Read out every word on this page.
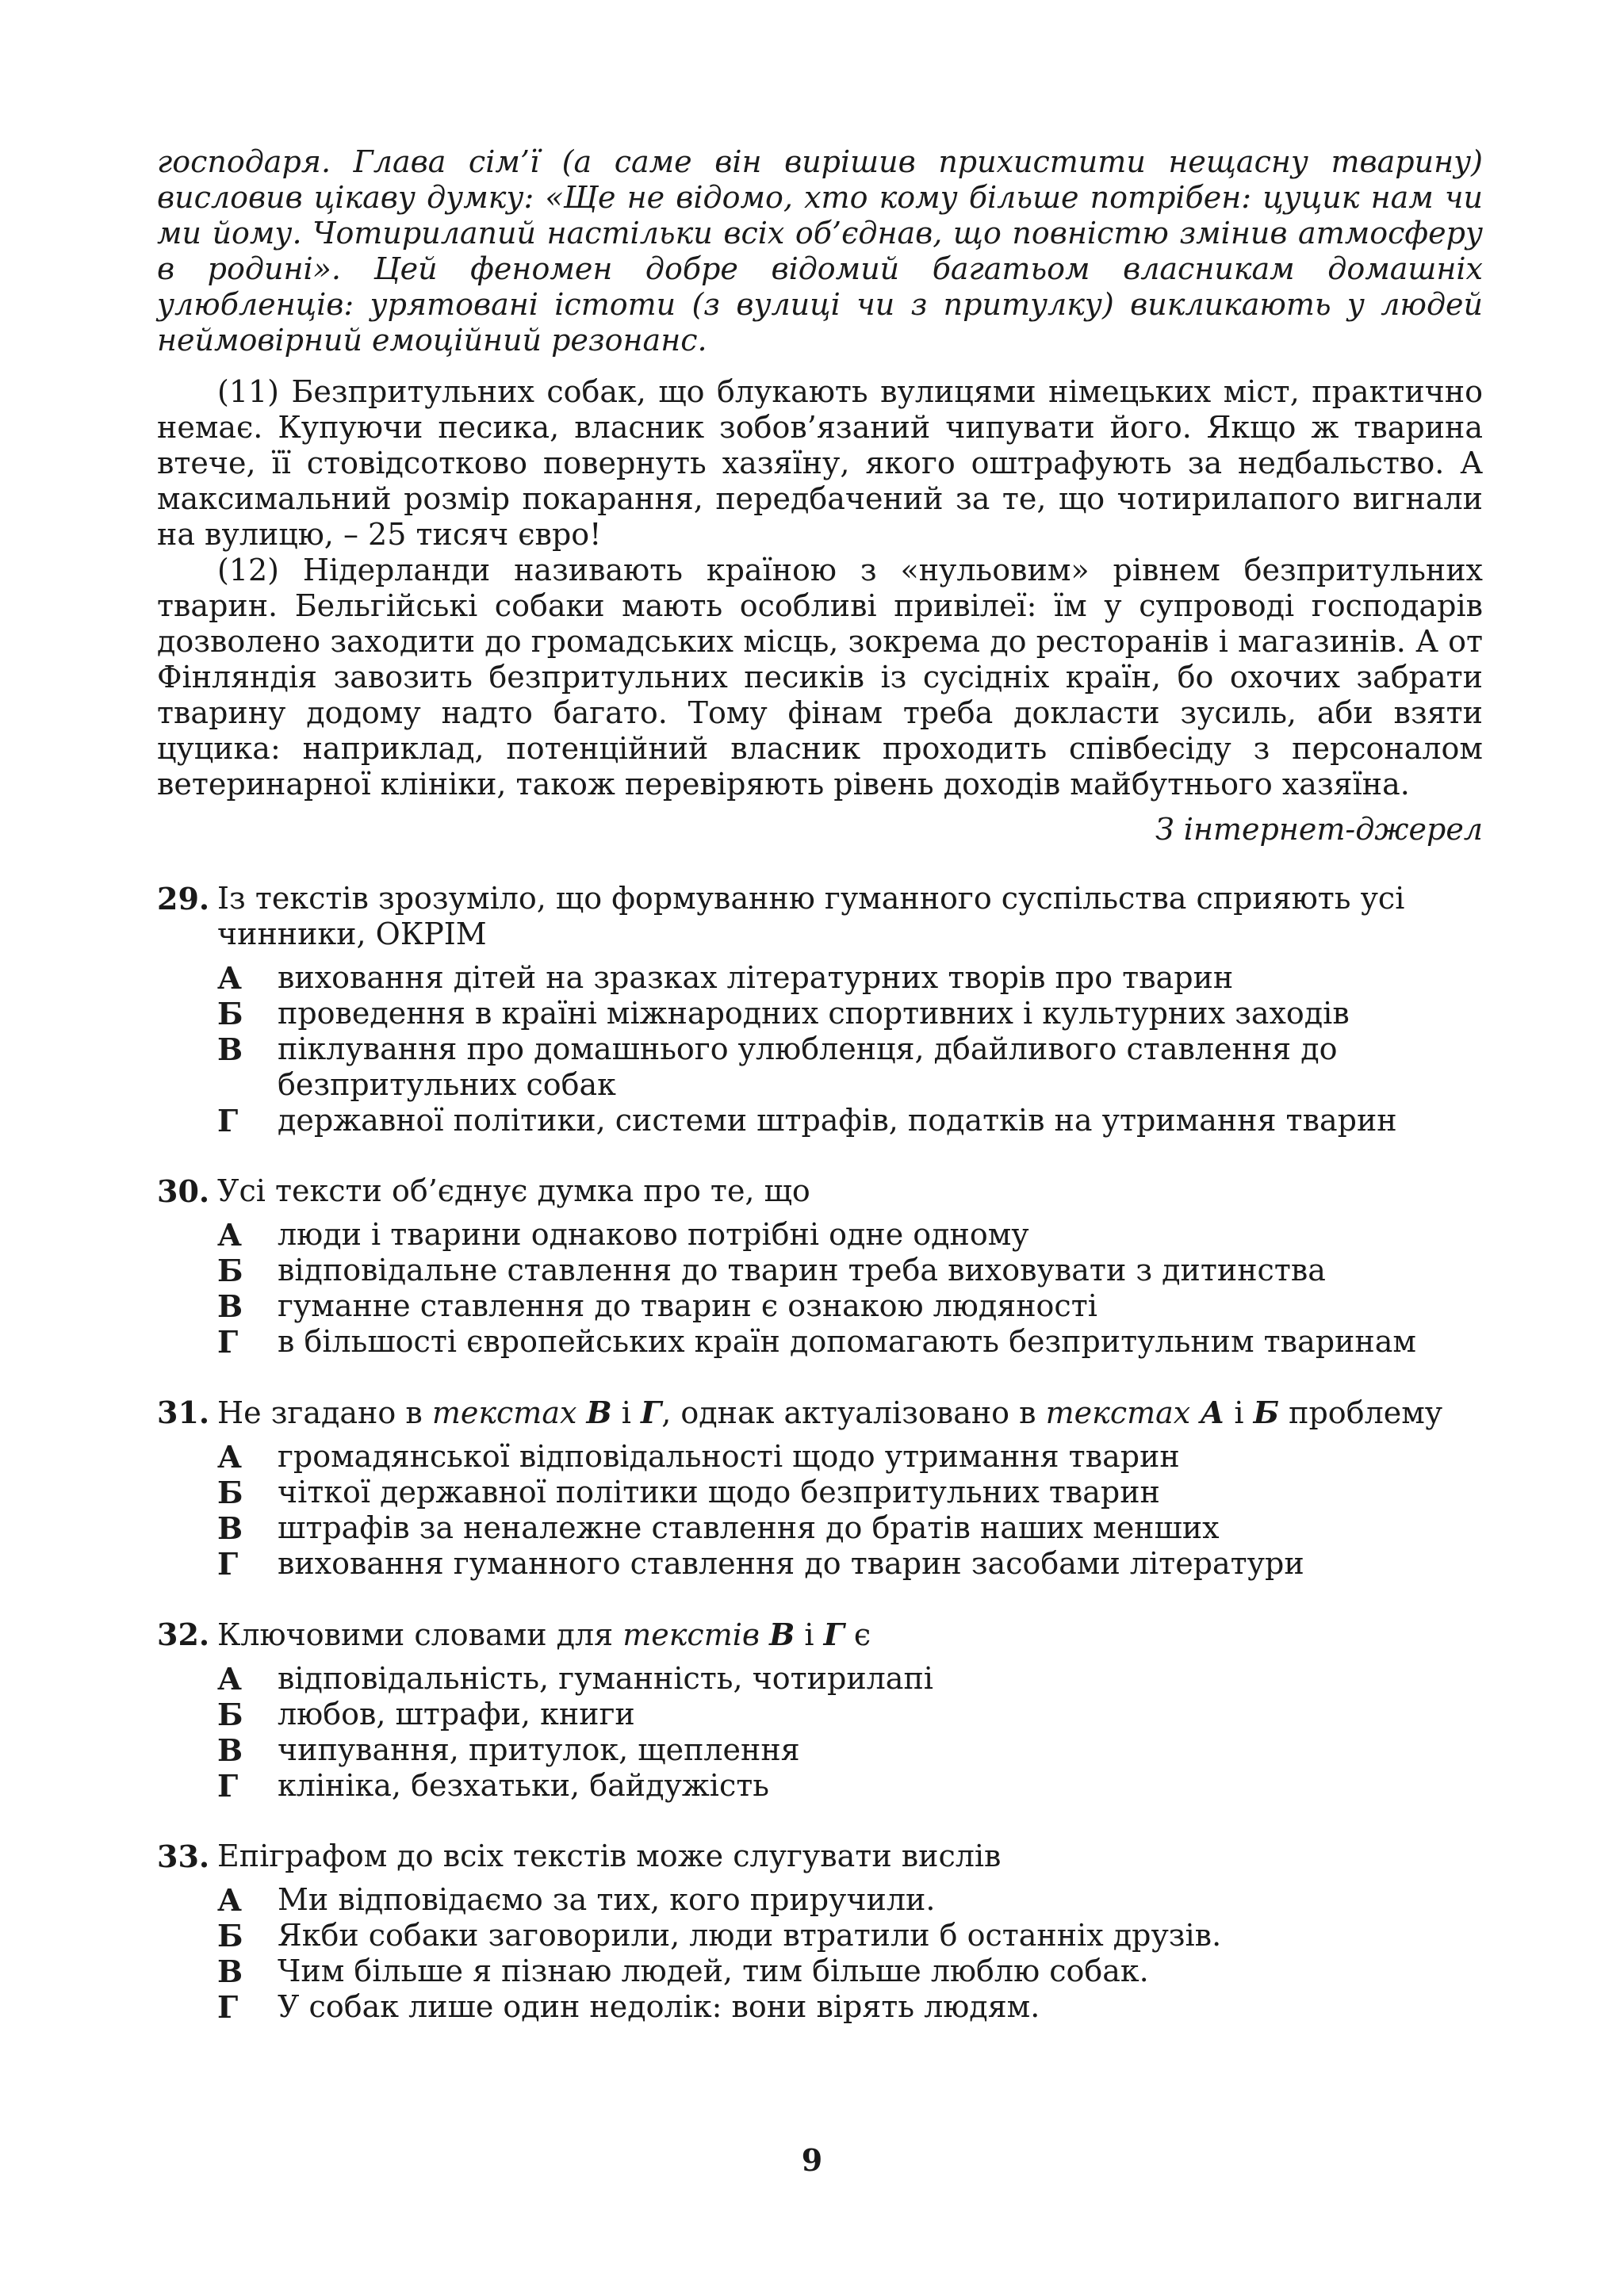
господаря. Глава сім’ї (а саме він вирішив прихистити нещасну тварину) висловив цікаву думку: «Ще не відомо, хто кому більше потрібен: цуцик нам чи ми йому. Чотирилапий настільки всіх об’єднав, що повністю змінив атмосферу в родині». Цей феномен добре відомий багатьом власникам домашніх улюбленців: урятовані істоти (з вулиці чи з притулку) викликають у людей неймовірний емоційний резонанс.

(11) Безпритульних собак, що блукають вулицями німецьких міст, практично немає. Купуючи песика, власник зобов’язаний чипувати його. Якщо ж тварина втече, її стовідсотково повернуть хазяїну, якого оштрафують за недбальство. А максимальний розмір покарання, передбачений за те, що чотирилапого вигнали на вулицю, – 25 тисяч євро!

(12) Нідерланди називають країною з «нульовим» рівнем безпритульних тварин. Бельгійські собаки мають особливі привілеї: їм у супроводі господарів дозволено заходити до громадських місць, зокрема до ресторанів і магазинів. А от Фінляндія завозить безпритульних песиків із сусідніх країн, бо охочих забрати тварину додому надто багато. Тому фінам треба докласти зусиль, аби взяти цуцика: наприклад, потенційний власник проходить співбесіду з персоналом ветеринарної клініки, також перевіряють рівень доходів майбутнього хазяїна.

З інтернет-джерел
29. Із текстів зрозуміло, що формуванню гуманного суспільства сприяють усі чинники, ОКРІМ
А	виховання дітей на зразках літературних творів про тварин
Б	проведення в країні міжнародних спортивних і культурних заходів
В	піклування про домашнього улюбленця, дбайливого ставлення до безпритульних собак
Г	державної політики, системи штрафів, податків на утримання тварин
30. Усі тексти об’єднує думка про те, що
А	люди і тварини однаково потрібні одне одному
Б	відповідальне ставлення до тварин треба виховувати з дитинства
В	гуманне ставлення до тварин є ознакою людяності
Г	в більшості європейських країн допомагають безпритульним тваринам
31. Не згадано в текстах В і Г, однак актуалізовано в текстах А і Б проблему
А	громадянської відповідальності щодо утримання тварин
Б	чіткої державної політики щодо безпритульних тварин
В	штрафів за неналежне ставлення до братів наших менших
Г	виховання гуманного ставлення до тварин засобами літератури
32. Ключовими словами для текстів В і Г є
А	відповідальність, гуманність, чотирилапі
Б	любов, штрафи, книги
В	чипування, притулок, щеплення
Г	клініка, безхатьки, байдужість
33. Епіграфом до всіх текстів може слугувати вислів
А	Ми відповідаємо за тих, кого приручили.
Б	Якби собаки заговорили, люди втратили б останніх друзів.
В	Чим більше я пізнаю людей, тим більше люблю собак.
Г	У собак лише один недолік: вони вірять людям.
9
